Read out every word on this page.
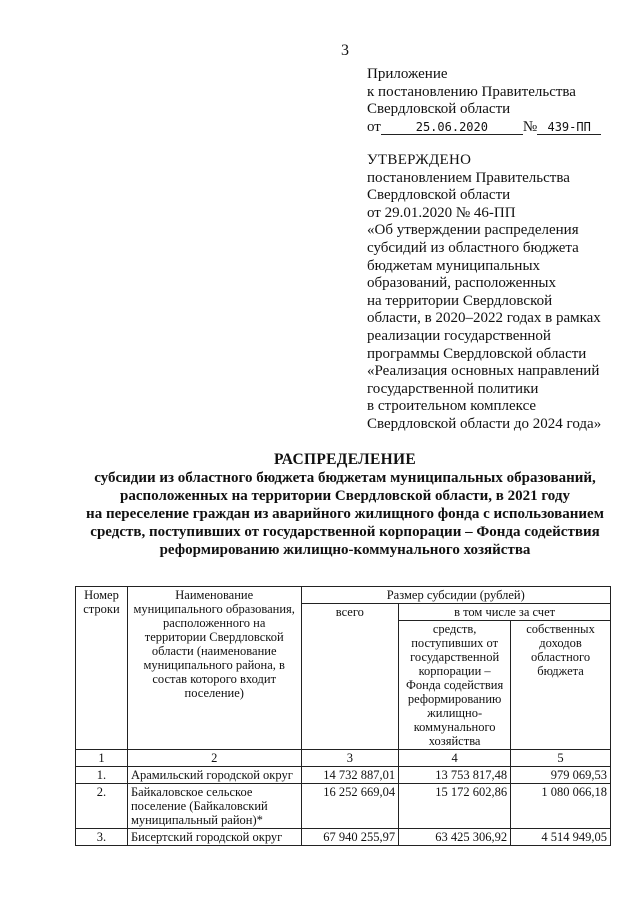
3
Приложение
к постановлению Правительства
Свердловской области
от	25.06.2020 № 439-ПП
УТВЕРЖДЕНО
постановлением Правительства
Свердловской области
от 29.01.2020 № 46-ПП
«Об утверждении распределения
субсидий из областного бюджета
бюджетам муниципальных
образований, расположенных
на территории Свердловской
области, в 2020–2022 годах в рамках
реализации государственной
программы Свердловской области
«Реализация основных направлений
государственной политики
в строительном комплексе
Свердловской области до 2024 года»
РАСПРЕДЕЛЕНИЕ
субсидии из областного бюджета бюджетам муниципальных образований,
расположенных на территории Свердловской области, в 2021 году
на переселение граждан из аварийного жилищного фонда с использованием
средств, поступивших от государственной корпорации – Фонда содействия
реформированию жилищно-коммунального хозяйства
Номер строки	Наименование муниципального образования, расположенного на территории Свердловской области (наименование муниципального района, в состав которого входит поселение)	Размер субсидии (рублей)		
		всего	в том числе за счет	
			средств, поступивших от государственной корпорации – Фонда содействия реформированию жилищно-коммунального хозяйства	собственных доходов областного бюджета
1	2	3	4	5
1.	Арамильский городской округ	14 732 887,01	13 753 817,48	979 069,53
2.	Байкаловское сельское поселение (Байкаловский муниципальный район)*	16 252 669,04	15 172 602,86	1 080 066,18
3.	Бисертский городской округ	67 940 255,97	63 425 306,92	4 514 949,05
